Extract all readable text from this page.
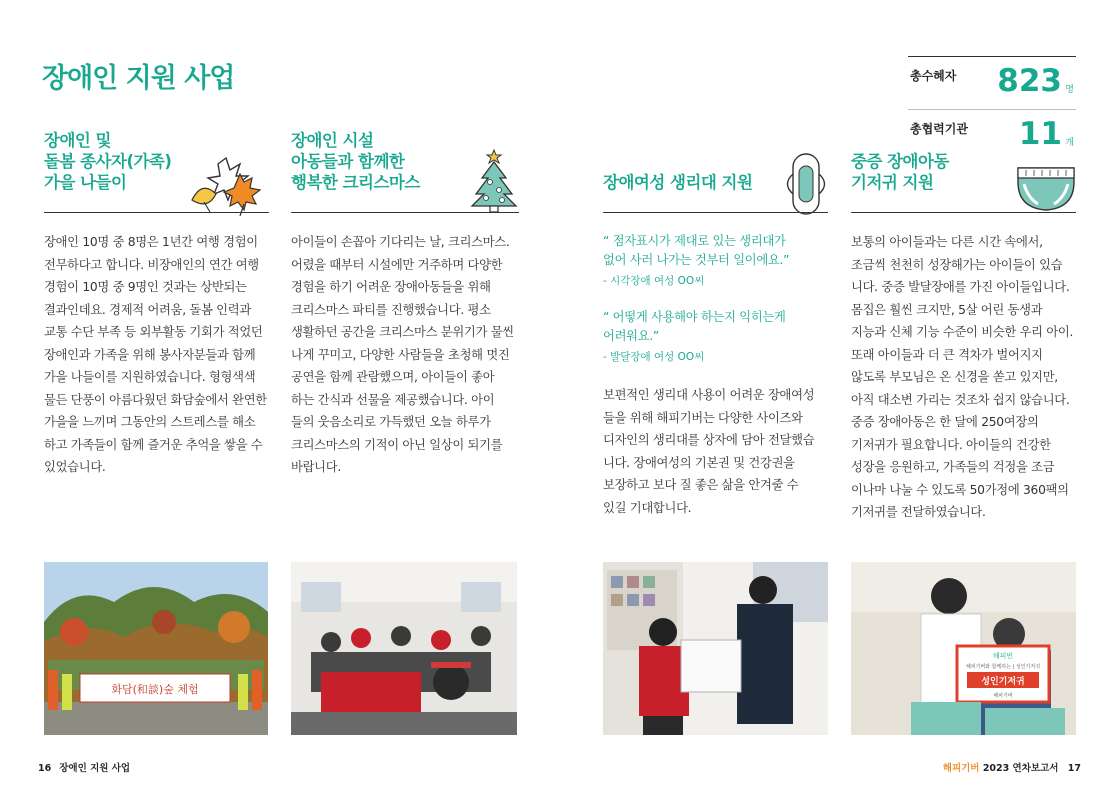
장애인 지원 사업	총수혜자 823 명
총협력기관 11 개
장애인 및
돌봄 종사자(가족)
가을 나들이
장애인 10명 중 8명은 1년간 여행 경험이
전무하다고 합니다. 비장애인의 연간 여행
경험이 10명 중 9명인 것과는 상반되는
결과인데요. 경제적 어려움, 돌봄 인력과
교통 수단 부족 등 외부활동 기회가 적었던
장애인과 가족을 위해 봉사자분들과 함께
가을 나들이를 지원하였습니다. 형형색색
물든 단풍이 아름다웠던 화담숲에서 완연한
가을을 느끼며 그동안의 스트레스를 해소
하고 가족들이 함께 즐거운 추억을 쌓을 수
있었습니다.
장애인 시설
아동들과 함께한
행복한 크리스마스
아이들이 손꼽아 기다리는 날, 크리스마스.
어렸을 때부터 시설에만 거주하며 다양한
경험을 하기 어려운 장애아동들을 위해
크리스마스 파티를 진행했습니다. 평소
생활하던 공간을 크리스마스 분위기가 물씬
나게 꾸미고, 다양한 사람들을 초청해 멋진
공연을 함께 관람했으며, 아이들이 좋아
하는 간식과 선물을 제공했습니다. 아이
들의 웃음소리로 가득했던 오늘 하루가
크리스마스의 기적이 아닌 일상이 되기를
바랍니다.
장애여성 생리대 지원
“ 점자표시가 제대로 있는 생리대가
없어 사러 나가는 것부터 일이에요.”
- 시각장애 여성 OO씨
“ 어떻게 사용해야 하는지 익히는게
어려워요.”
- 발달장애 여성 OO씨
보편적인 생리대 사용이 어려운 장애여성
들을 위해 해피기버는 다양한 사이즈와
디자인의 생리대를 상자에 담아 전달했습
니다. 장애여성의 기본권 및 건강권을
보장하고 보다 질 좋은 삶을 안겨줄 수
있길 기대합니다.
중증 장애아동
기저귀 지원
보통의 아이들과는 다른 시간 속에서,
조금씩 천천히 성장해가는 아이들이 있습
니다. 중증 발달장애를 가진 아이들입니다.
몸집은 훨씬 크지만, 5살 어린 동생과
지능과 신체 기능 수준이 비슷한 우리 아이.
또래 아이들과 더 큰 격차가 벌어지지
않도록 부모님은 온 신경을 쏟고 있지만,
아직 대소변 가리는 것조차 쉽지 않습니다.
중증 장애아동은 한 달에 250여장의
기저귀가 필요합니다. 아이들의 건강한
성장을 응원하고, 가족들의 걱정을 조금
이나마 나눌 수 있도록 50가정에 360팩의
기저귀를 전달하였습니다.
화담(和談)숲 체험
해피빈
해피기버와 함께하는 | 성인기저귀
성인기저귀
해피기버
16 장애인 지원 사업	해피기버 2023 연차보고서 17
